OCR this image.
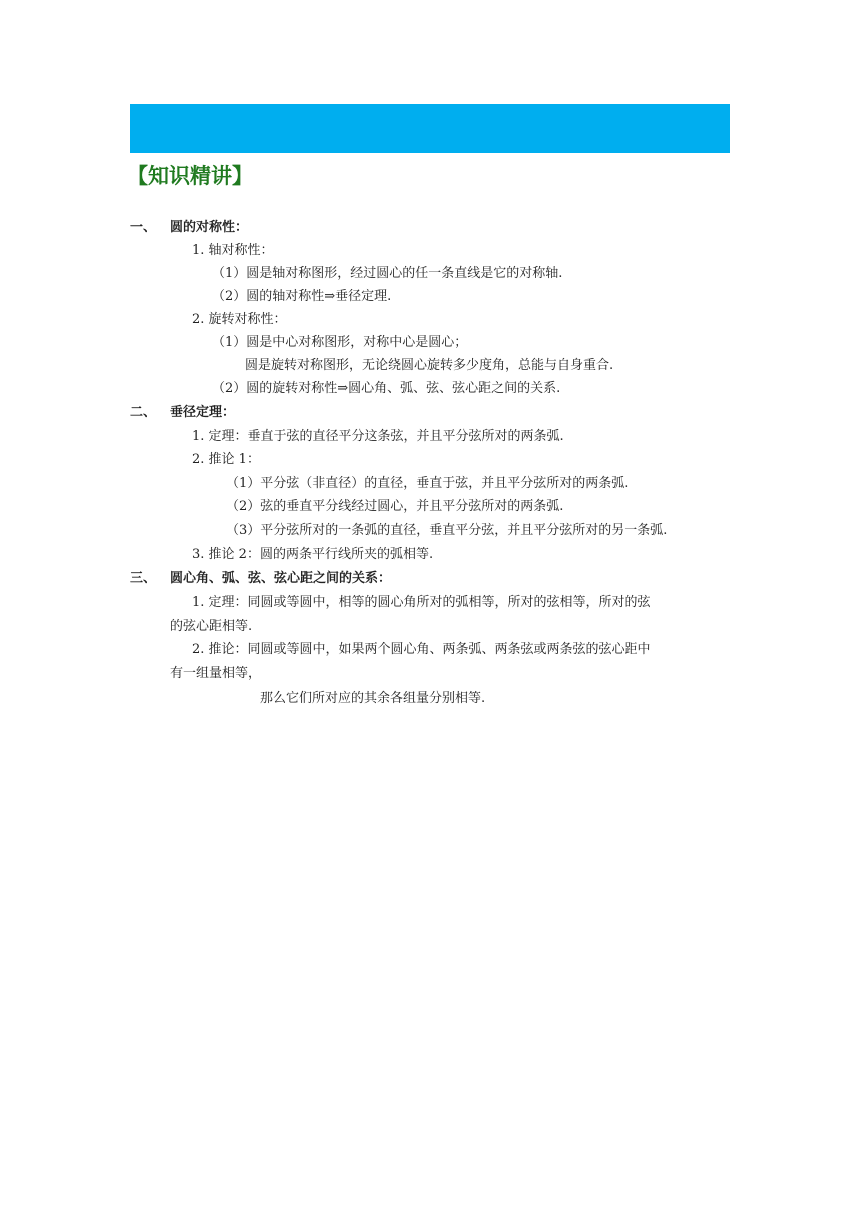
【知识精讲】
一、 圆的对称性：
1. 轴对称性：
（1）圆是轴对称图形，经过圆心的任一条直线是它的对称轴.
（2）圆的轴对称性⇒垂径定理.
2. 旋转对称性：
（1）圆是中心对称图形，对称中心是圆心；
圆是旋转对称图形，无论绕圆心旋转多少度角，总能与自身重合.
（2）圆的旋转对称性⇒圆心角、弧、弦、弦心距之间的关系.
二、 垂径定理：
1. 定理：垂直于弦的直径平分这条弦，并且平分弦所对的两条弧.
2. 推论 1：
（1）平分弦（非直径）的直径，垂直于弦，并且平分弦所对的两条弧.
（2）弦的垂直平分线经过圆心，并且平分弦所对的两条弧.
（3）平分弦所对的一条弧的直径，垂直平分弦，并且平分弦所对的另一条弧.
3. 推论 2：圆的两条平行线所夹的弧相等.
三、 圆心角、弧、弦、弦心距之间的关系：
1. 定理：同圆或等圆中，相等的圆心角所对的弧相等，所对的弦相等，所对的弦
的弦心距相等.
2. 推论：同圆或等圆中，如果两个圆心角、两条弧、两条弦或两条弦的弦心距中
有一组量相等，
那么它们所对应的其余各组量分别相等.
